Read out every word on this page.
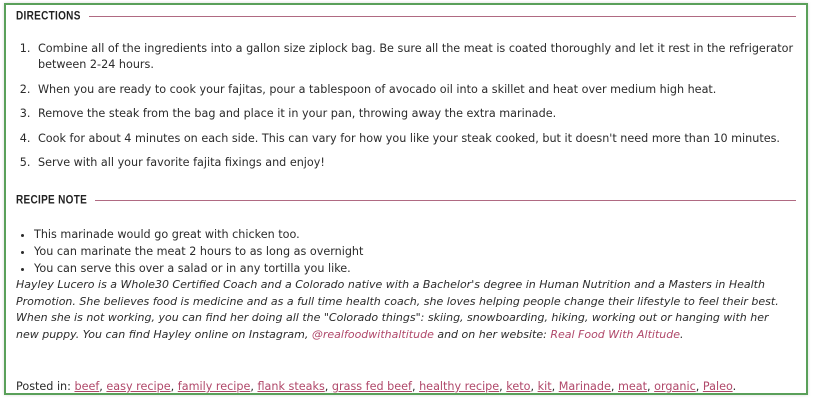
DIRECTIONS
1. Combine all of the ingredients into a gallon size ziplock bag. Be sure all the meat is coated thoroughly and let it rest in the refrigerator between 2-24 hours.
2. When you are ready to cook your fajitas, pour a tablespoon of avocado oil into a skillet and heat over medium high heat.
3. Remove the steak from the bag and place it in your pan, throwing away the extra marinade.
4. Cook for about 4 minutes on each side. This can vary for how you like your steak cooked, but it doesn't need more than 10 minutes.
5. Serve with all your favorite fajita fixings and enjoy!
RECIPE NOTE
• This marinade would go great with chicken too.
• You can marinate the meat 2 hours to as long as overnight
• You can serve this over a salad or in any tortilla you like.
Hayley Lucero is a Whole30 Certified Coach and a Colorado native with a Bachelor's degree in Human Nutrition and a Masters in Health Promotion. She believes food is medicine and as a full time health coach, she loves helping people change their lifestyle to feel their best. When she is not working, you can find her doing all the "Colorado things": skiing, snowboarding, hiking, working out or hanging with her new puppy. You can find Hayley online on Instagram, @realfoodwithaltitude and on her website: Real Food With Altitude.
Posted in: beef, easy recipe, family recipe, flank steaks, grass fed beef, healthy recipe, keto, kit, Marinade, meat, organic, Paleo.
